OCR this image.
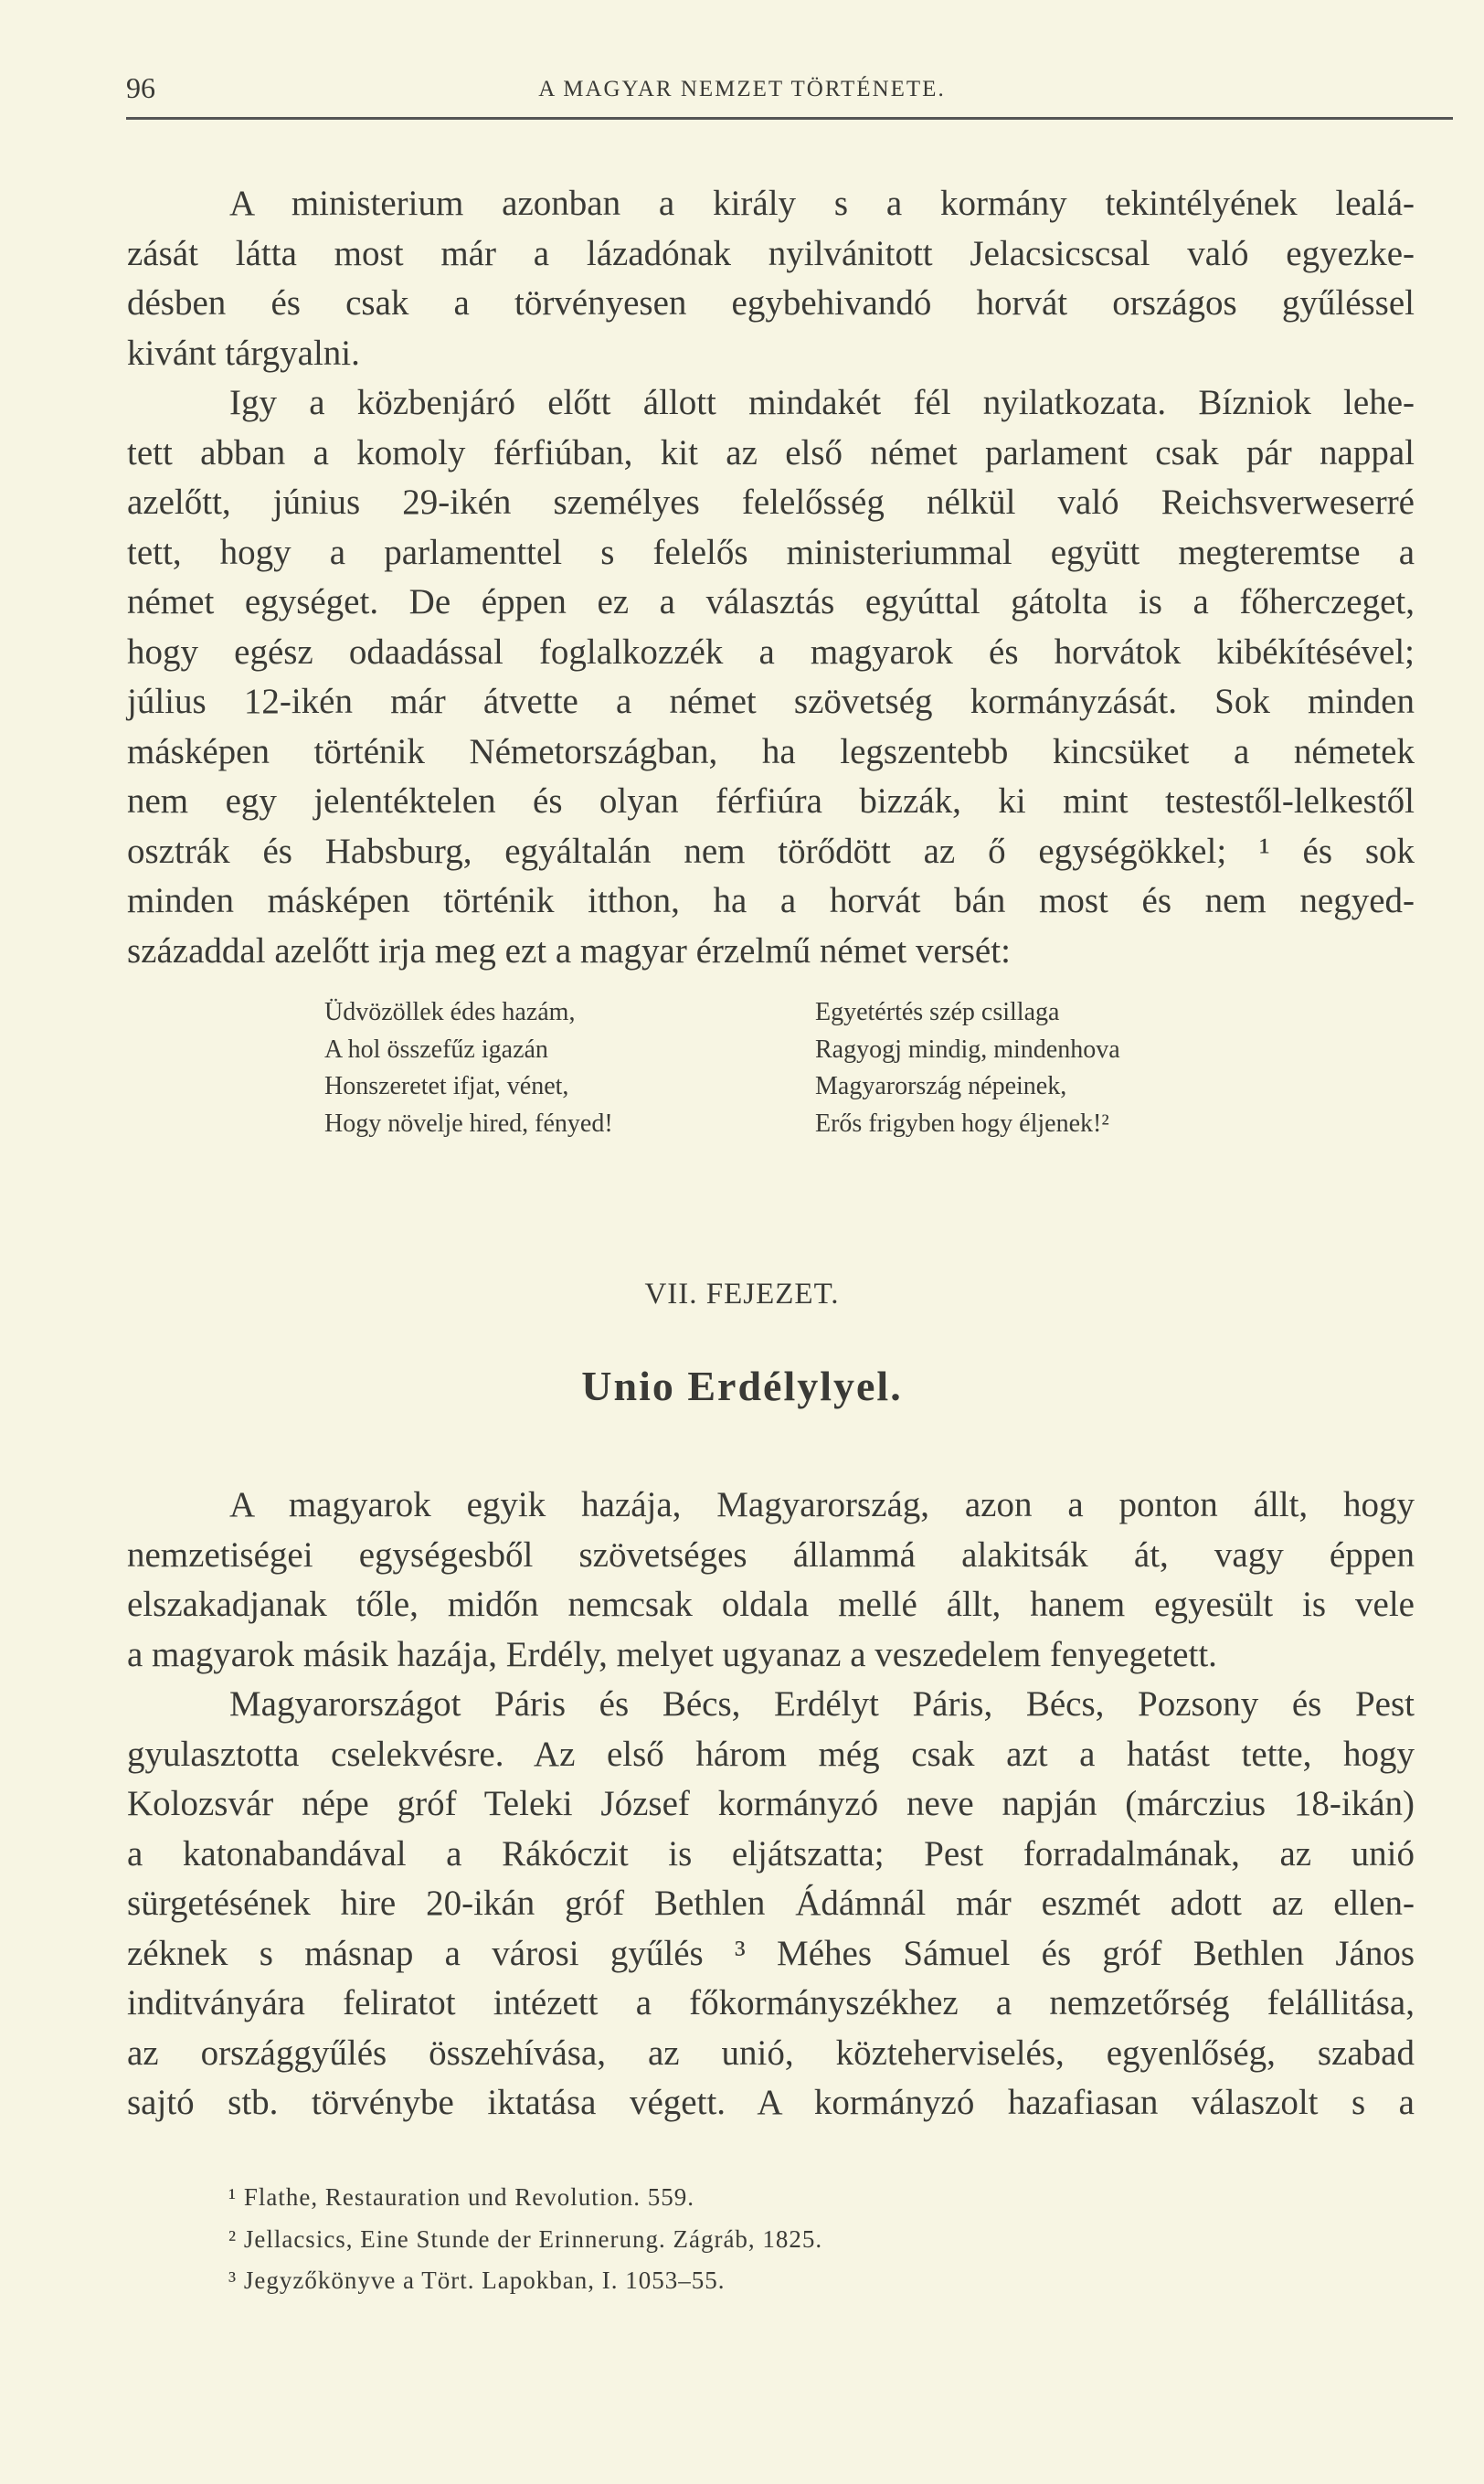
96	A MAGYAR NEMZET TÖRTÉNETE.
A ministerium azonban a király s a kormány tekintélyének lealá-
zását látta most már a lázadónak nyilvánitott Jelacsicscsal való egyezke-
désben és csak a törvényesen egybehivandó horvát országos gyűléssel
kivánt tárgyalni.
Igy a közbenjáró előtt állott mindakét fél nyilatkozata. Bízniok lehe-
tett abban a komoly férfiúban, kit az első német parlament csak pár nappal
azelőtt, június 29-ikén személyes felelősség nélkül való Reichsverweserré
tett, hogy a parlamenttel s felelős ministeriummal együtt megteremtse a
német egységet. De éppen ez a választás egyúttal gátolta is a főherczeget,
hogy egész odaadással foglalkozzék a magyarok és horvátok kibékítésével;
július 12-ikén már átvette a német szövetség kormányzását. Sok minden
másképen történik Németországban, ha legszentebb kincsüket a németek
nem egy jelentéktelen és olyan férfiúra bizzák, ki mint testestől-lelkestől
osztrák és Habsburg, egyáltalán nem törődött az ő egységökkel; ¹ és sok
minden másképen történik itthon, ha a horvát bán most és nem negyed-
századdal azelőtt irja meg ezt a magyar érzelmű német versét:
Üdvözöllek édes hazám,
A hol összefűz igazán
Honszeretet ifjat, vénet,
Hogy növelje hired, fényed!
Egyetértés szép csillaga
Ragyogj mindig, mindenhova
Magyarország népeinek,
Erős frigyben hogy éljenek!²
VII. FEJEZET.
Unio Erdélylyel.
A magyarok egyik hazája, Magyarország, azon a ponton állt, hogy
nemzetiségei egységesből szövetséges állammá alakitsák át, vagy éppen
elszakadjanak tőle, midőn nemcsak oldala mellé állt, hanem egyesült is vele
a magyarok másik hazája, Erdély, melyet ugyanaz a veszedelem fenyegetett.
Magyarországot Páris és Bécs, Erdélyt Páris, Bécs, Pozsony és Pest
gyulasztotta cselekvésre. Az első három még csak azt a hatást tette, hogy
Kolozsvár népe gróf Teleki József kormányzó neve napján (márczius 18-ikán)
a katonabandával a Rákóczit is eljátszatta; Pest forradalmának, az unió
sürgetésének hire 20-ikán gróf Bethlen Ádámnál már eszmét adott az ellen-
zéknek s másnap a városi gyűlés ³ Méhes Sámuel és gróf Bethlen János
inditványára feliratot intézett a főkormányszékhez a nemzetőrség felállitása,
az országgyűlés összehívása, az unió, közteherviselés, egyenlőség, szabad
sajtó stb. törvénybe iktatása végett. A kormányzó hazafiasan válaszolt s a
¹ Flathe, Restauration und Revolution. 559.
² Jellacsics, Eine Stunde der Erinnerung. Zágráb, 1825.
³ Jegyzőkönyve a Tört. Lapokban, I. 1053–55.
